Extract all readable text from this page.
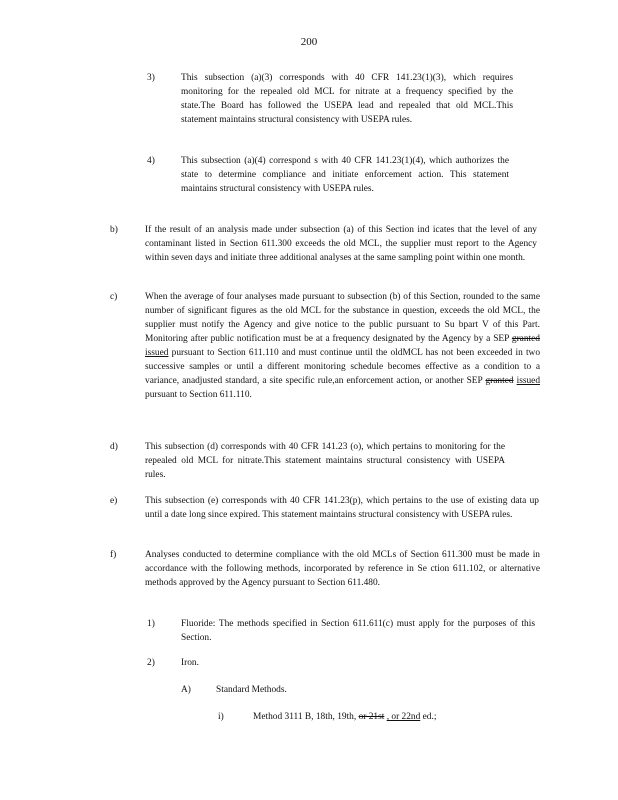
200
3)	This subsection (a)(3) corresponds with 40 CFR 141.23(1)(3), which requires monitoring for the repealed old MCL for nitrate at a frequency specified by the state.The Board has followed the USEPA lead and repealed that old MCL.This statement maintains structural consistency with USEPA rules.
4)	This subsection (a)(4) correspond s with 40 CFR 141.23(1)(4), which authorizes the state to determine compliance and initiate enforcement action. This statement maintains structural consistency with USEPA rules.
b)	If the result of an analysis made under subsection (a) of this Section ind icates that the level of any contaminant listed in Section 611.300 exceeds the old MCL, the supplier must report to the Agency within seven days and initiate three additional analyses at the same sampling point within one month.
c)	When the average of four analyses made pursuant to subsection (b) of this Section, rounded to the same number of significant figures as the old MCL for the substance in question, exceeds the old MCL, the supplier must notify the Agency and give notice to the public pursuant to Su bpart V of this Part. Monitoring after public notification must be at a frequency designated by the Agency by a SEP granted issued pursuant to Section 611.110 and must continue until the oldMCL has not been exceeded in two successive samples or until a different monitoring schedule becomes effective as a condition to a variance, anadjusted standard, a site specific rule,an enforcement action, or another SEP granted issued pursuant to Section 611.110.
d)	This subsection (d) corresponds with 40 CFR 141.23 (o), which pertains to monitoring for the repealed old MCL for nitrate.This statement maintains structural consistency with USEPA rules.
e)	This subsection (e) corresponds with 40 CFR 141.23(p), which pertains to the use of existing data up until a date long since expired. This statement maintains structural consistency with USEPA rules.
f)	Analyses conducted to determine compliance with the old MCLs of Section 611.300 must be made in accordance with the following methods, incorporated by reference in Se ction 611.102, or alternative methods approved by the Agency pursuant to Section 611.480.
1)	Fluoride: The methods specified in Section 611.611(c) must apply for the purposes of this Section.
2)	Iron.
A)	Standard Methods.
i)	Method 3111 B, 18th, 19th, or 21st , or 22nd ed.;
